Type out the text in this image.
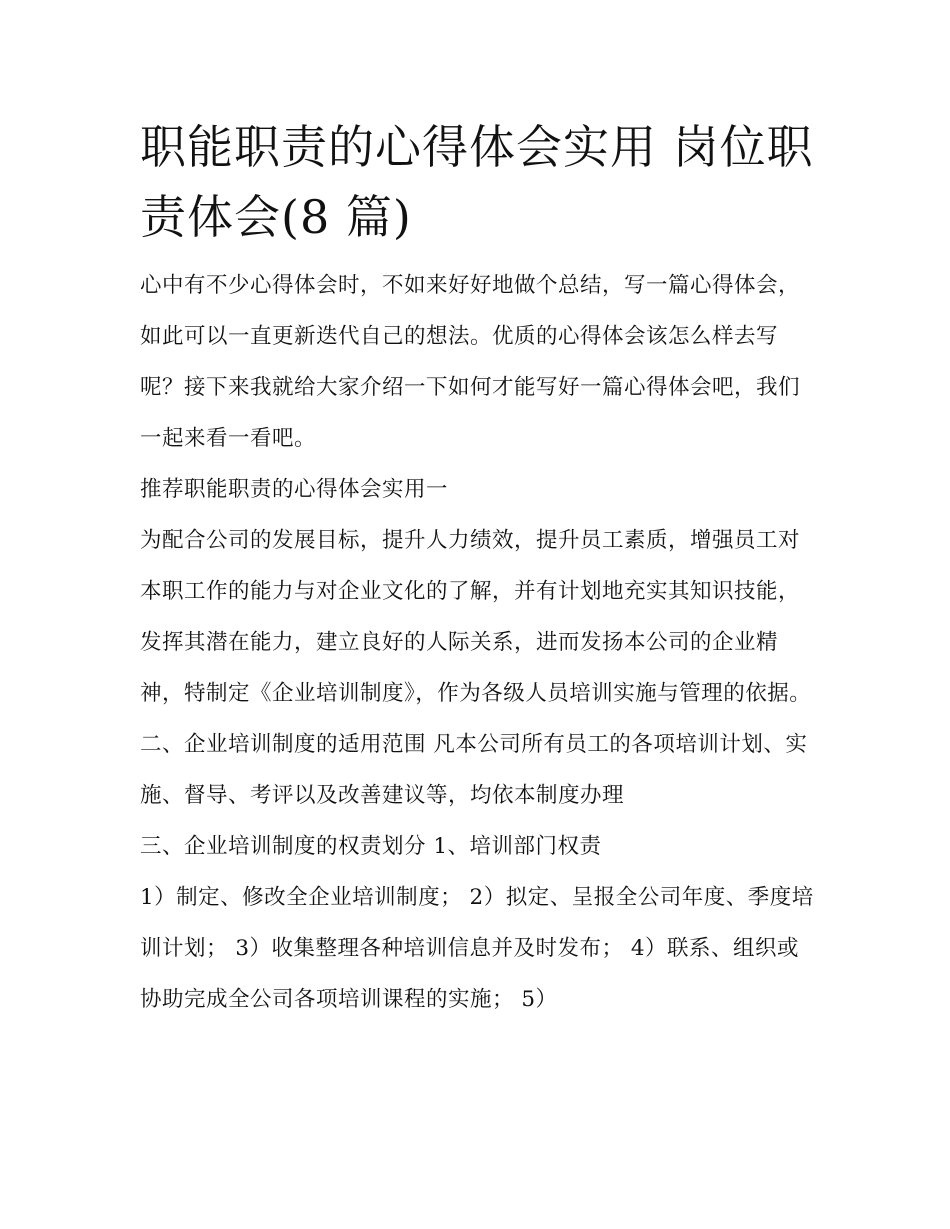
职能职责的心得体会实用 岗位职责体会(8 篇)

心中有不少心得体会时，不如来好好地做个总结，写一篇心得体会，如此可以一直更新迭代自己的想法。优质的心得体会该怎么样去写呢？接下来我就给大家介绍一下如何才能写好一篇心得体会吧，我们一起来看一看吧。

推荐职能职责的心得体会实用一

为配合公司的发展目标，提升人力绩效，提升员工素质，增强员工对本职工作的能力与对企业文化的了解，并有计划地充实其知识技能，发挥其潜在能力，建立良好的人际关系，进而发扬本公司的企业精神，特制定《企业培训制度》，作为各级人员培训实施与管理的依据。

二、企业培训制度的适用范围 凡本公司所有员工的各项培训计划、实施、督导、考评以及改善建议等，均依本制度办理

三、企业培训制度的权责划分 1、培训部门权责

1）制定、修改全企业培训制度； 2）拟定、呈报全公司年度、季度培训计划； 3）收集整理各种培训信息并及时发布； 4）联系、组织或协助完成全公司各项培训课程的实施； 5）
